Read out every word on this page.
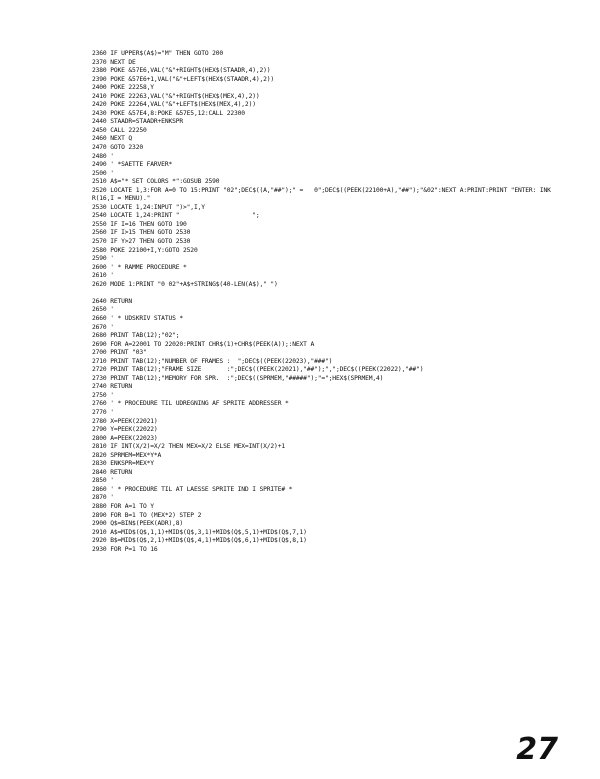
2360 IF UPPER$(A$)="M" THEN GOTO 200
2370 NEXT DE
2380 POKE &57E6,VAL("&"+RIGHT$(HEX$(STAADR,4),2))
2390 POKE &57E6+1,VAL("&"+LEFT$(HEX$(STAADR,4),2))
2400 POKE 22258,Y
2410 POKE 22263,VAL("&"+RIGHT$(HEX$(MEX,4),2))
2420 POKE 22264,VAL("&"+LEFT$(HEX$(MEX,4),2))
2430 POKE &57E4,8:POKE &57E5,12:CALL 22300
2440 STAADR=STAADR+ENKSPR
2450 CALL 22250
2460 NEXT Q
2470 GOTO 2320
2480 '
2490 ' *SAETTE FARVER*
2500 '
2510 A$="* SET COLORS *":GOSUB 2590
2520 LOCATE 1,3:FOR A=0 TO 15:PRINT "02";DEC$((A,"##");" =   0";DEC$((PEEK(22100+A),"##");"&02":NEXT A:PRINT:PRINT "ENTER: INK
R(16,I = MENU)."
2530 LOCATE 1,24:INPUT ")>",I,Y
2540 LOCATE 1,24:PRINT "                    ";
2550 IF I=16 THEN GOTO 190
2560 IF I>15 THEN GOTO 2530
2570 IF Y>27 THEN GOTO 2530
2580 POKE 22100+I,Y:GOTO 2520
2590 '
2600 ' * RAMME PROCEDURE *
2610 '
2620 MODE 1:PRINT "0 02"+A$+STRING$(40-LEN(A$)," ")
2640 RETURN
2650 '
2660 ' * UDSKRIV STATUS *
2670 '
2680 PRINT TAB(12);"02";
2690 FOR A=22001 TO 22020:PRINT CHR$(1)+CHR$(PEEK(A));:NEXT A
2700 PRINT "03"
2710 PRINT TAB(12);"NUMBER OF FRAMES :  ";DEC$((PEEK(22023),"###")
2720 PRINT TAB(12);"FRAME SIZE       :";DEC$((PEEK(22021),"##");",";DEC$((PEEK(22022),"##")
2730 PRINT TAB(12);"MEMORY FOR SPR.  :";DEC$((SPRMEM,"#####");"=";HEX$(SPRMEM,4)
2740 RETURN
2750 '
2760 ' * PROCEDURE TIL UDREGNING AF SPRITE ADDRESSER *
2770 '
2780 X=PEEK(22021)
2790 Y=PEEK(22022)
2800 A=PEEK(22023)
2810 IF INT(X/2)=X/2 THEN MEX=X/2 ELSE MEX=INT(X/2)+1
2820 SPRMEM=MEX*Y*A
2830 ENKSPR=MEX*Y
2840 RETURN
2850 '
2860 ' * PROCEDURE TIL AT LAESSE SPRITE IND I SPRITE# *
2870 '
2880 FOR A=1 TO Y
2890 FOR B=1 TO (MEX*2) STEP 2
2900 Q$=BIN$(PEEK(ADR),8)
2910 A$=MID$(Q$,1,1)+MID$(Q$,3,1)+MID$(Q$,5,1)+MID$(Q$,7,1)
2920 B$=MID$(Q$,2,1)+MID$(Q$,4,1)+MID$(Q$,6,1)+MID$(Q$,8,1)
2930 FOR P=1 TO 16
27
